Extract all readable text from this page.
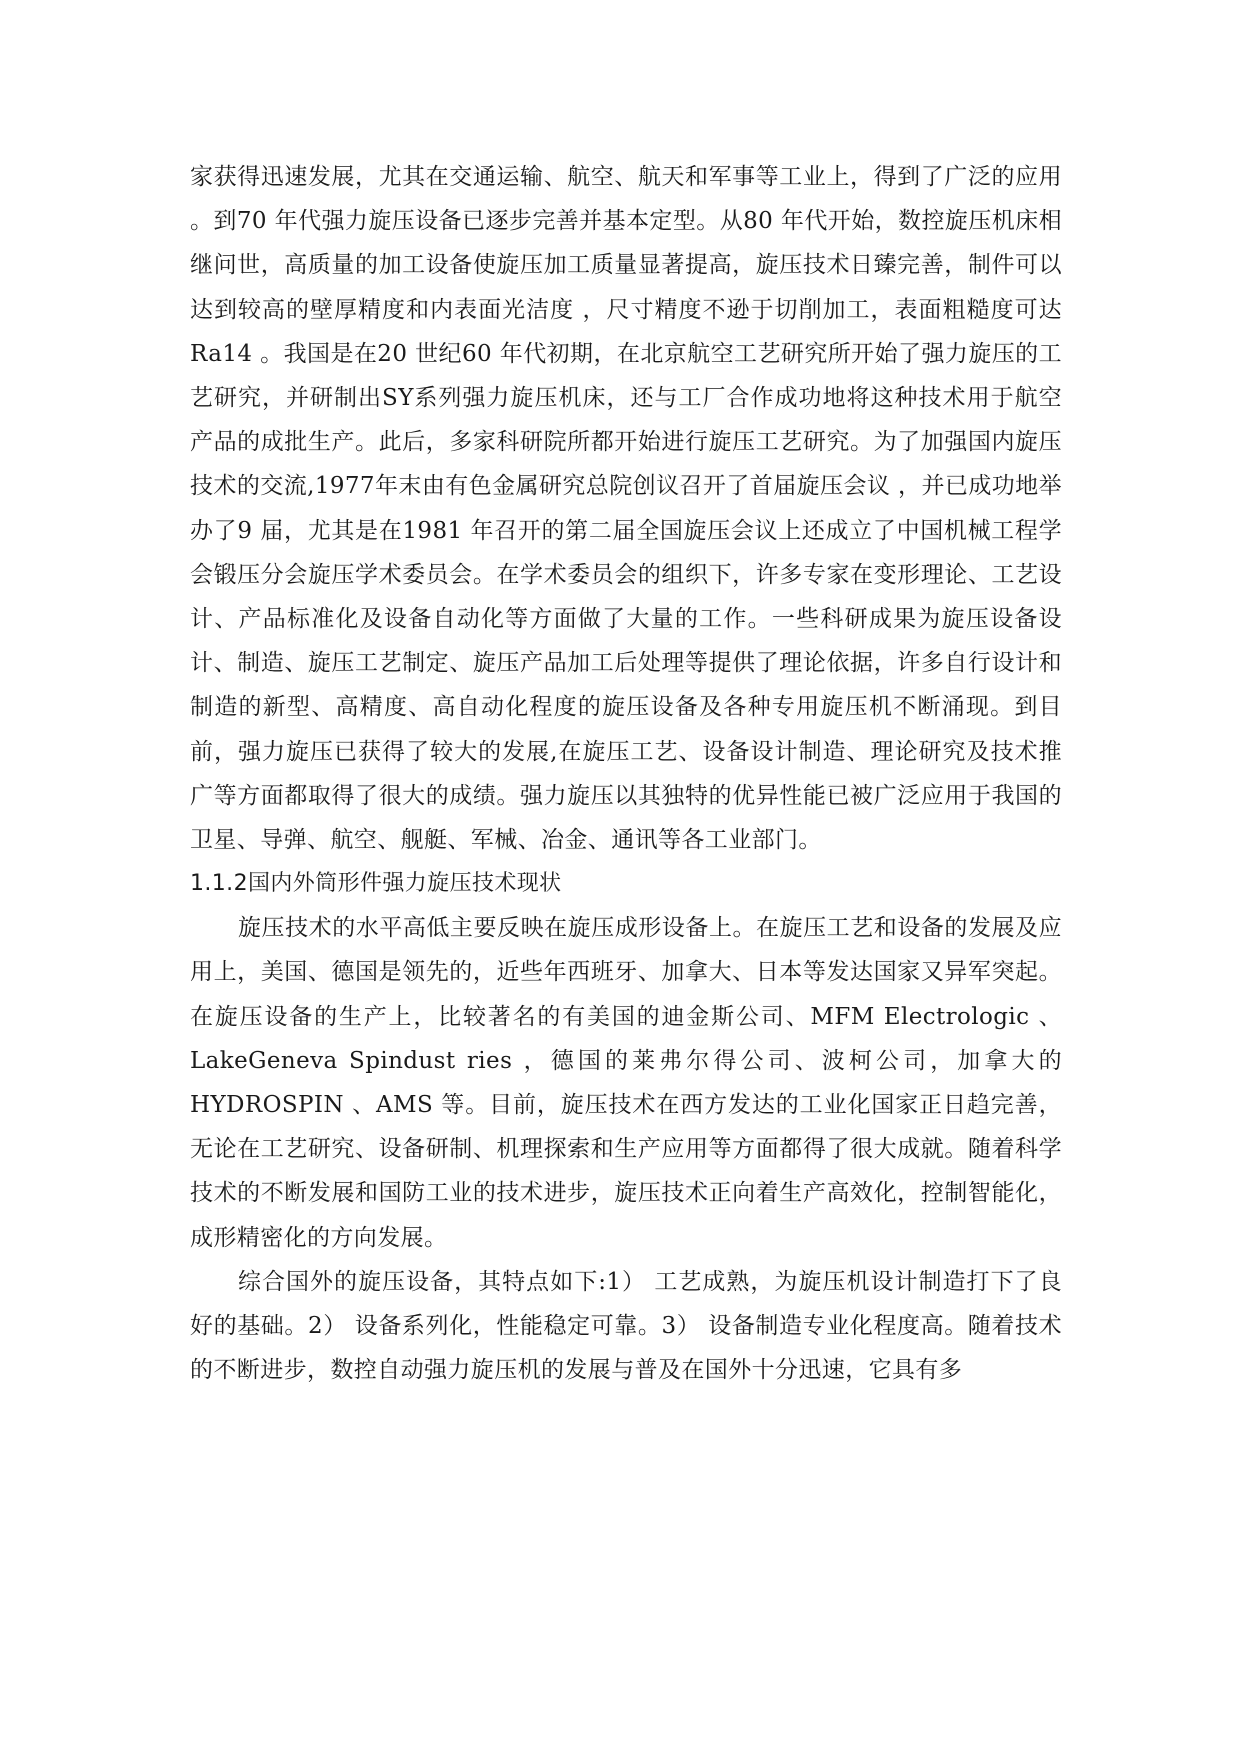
家获得迅速发展，尤其在交通运输、航空、航天和军事等工业上，得到了广泛的应用 。到70 年代强力旋压设备已逐步完善并基本定型。从80 年代开始，数控旋压机床相继问世，高质量的加工设备使旋压加工质量显著提高，旋压技术日臻完善，制件可以达到较高的壁厚精度和内表面光洁度 ，尺寸精度不逊于切削加工，表面粗糙度可达Ra14 。我国是在20 世纪60 年代初期，在北京航空工艺研究所开始了强力旋压的工艺研究，并研制出SY系列强力旋压机床，还与工厂合作成功地将这种技术用于航空产品的成批生产。此后，多家科研院所都开始进行旋压工艺研究。为了加强国内旋压技术的交流,1977年末由有色金属研究总院创议召开了首届旋压会议 ，并已成功地举办了9 届，尤其是在1981 年召开的第二届全国旋压会议上还成立了中国机械工程学会锻压分会旋压学术委员会。在学术委员会的组织下，许多专家在变形理论、工艺设计、产品标准化及设备自动化等方面做了大量的工作。一些科研成果为旋压设备设计、制造、旋压工艺制定、旋压产品加工后处理等提供了理论依据，许多自行设计和制造的新型、高精度、高自动化程度的旋压设备及各种专用旋压机不断涌现。到目前，强力旋压已获得了较大的发展,在旋压工艺、设备设计制造、理论研究及技术推广等方面都取得了很大的成绩。强力旋压以其独特的优异性能已被广泛应用于我国的卫星、导弹、航空、舰艇、军械、冶金、通讯等各工业部门。

1.1.2国内外筒形件强力旋压技术现状

旋压技术的水平高低主要反映在旋压成形设备上。在旋压工艺和设备的发展及应用上，美国、德国是领先的，近些年西班牙、加拿大、日本等发达国家又异军突起。在旋压设备的生产上，比较著名的有美国的迪金斯公司、MFM Electrologic 、LakeGeneva Spindust ries ，德国的莱弗尔得公司、波柯公司，加拿大的HYDROSPIN 、AMS 等。目前，旋压技术在西方发达的工业化国家正日趋完善，无论在工艺研究、设备研制、机理探索和生产应用等方面都得了很大成就。随着科学技术的不断发展和国防工业的技术进步，旋压技术正向着生产高效化，控制智能化，成形精密化的方向发展。

综合国外的旋压设备，其特点如下:1） 工艺成熟，为旋压机设计制造打下了良好的基础。2） 设备系列化，性能稳定可靠。3） 设备制造专业化程度高。随着技术的不断进步，数控自动强力旋压机的发展与普及在国外十分迅速，它具有多
